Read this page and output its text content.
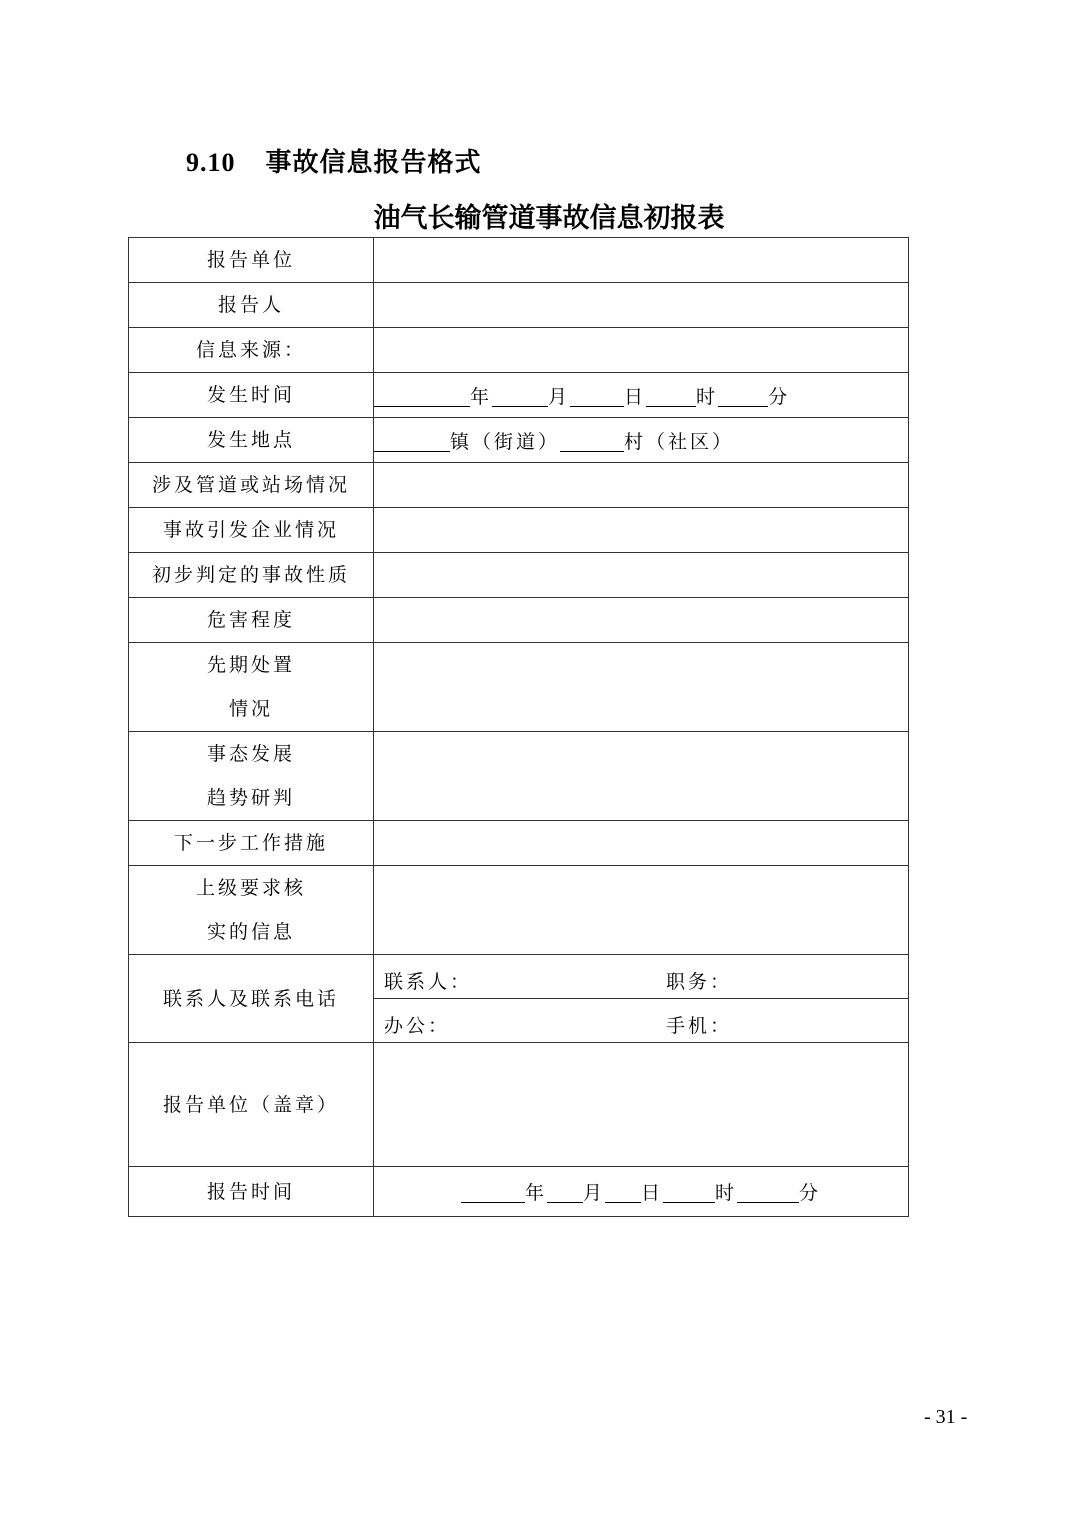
9.10 事故信息报告格式
油气长输管道事故信息初报表
报告单位	
报告人	
信息来源：	
发生时间	年 月 日 时 分
发生地点	镇（街道） 村（社区）
涉及管道或站场情况	
事故引发企业情况	
初步判定的事故性质	
危害程度	

先期处置
情况	

事态发展
趋势研判	

下一步工作措施	

上级要求核
实的信息	

联系人及联系电话	联系人： 职务：

	办公： 手机：

报告单位（盖章）	
报告时间	年 月 日 时 分
- 31 -
